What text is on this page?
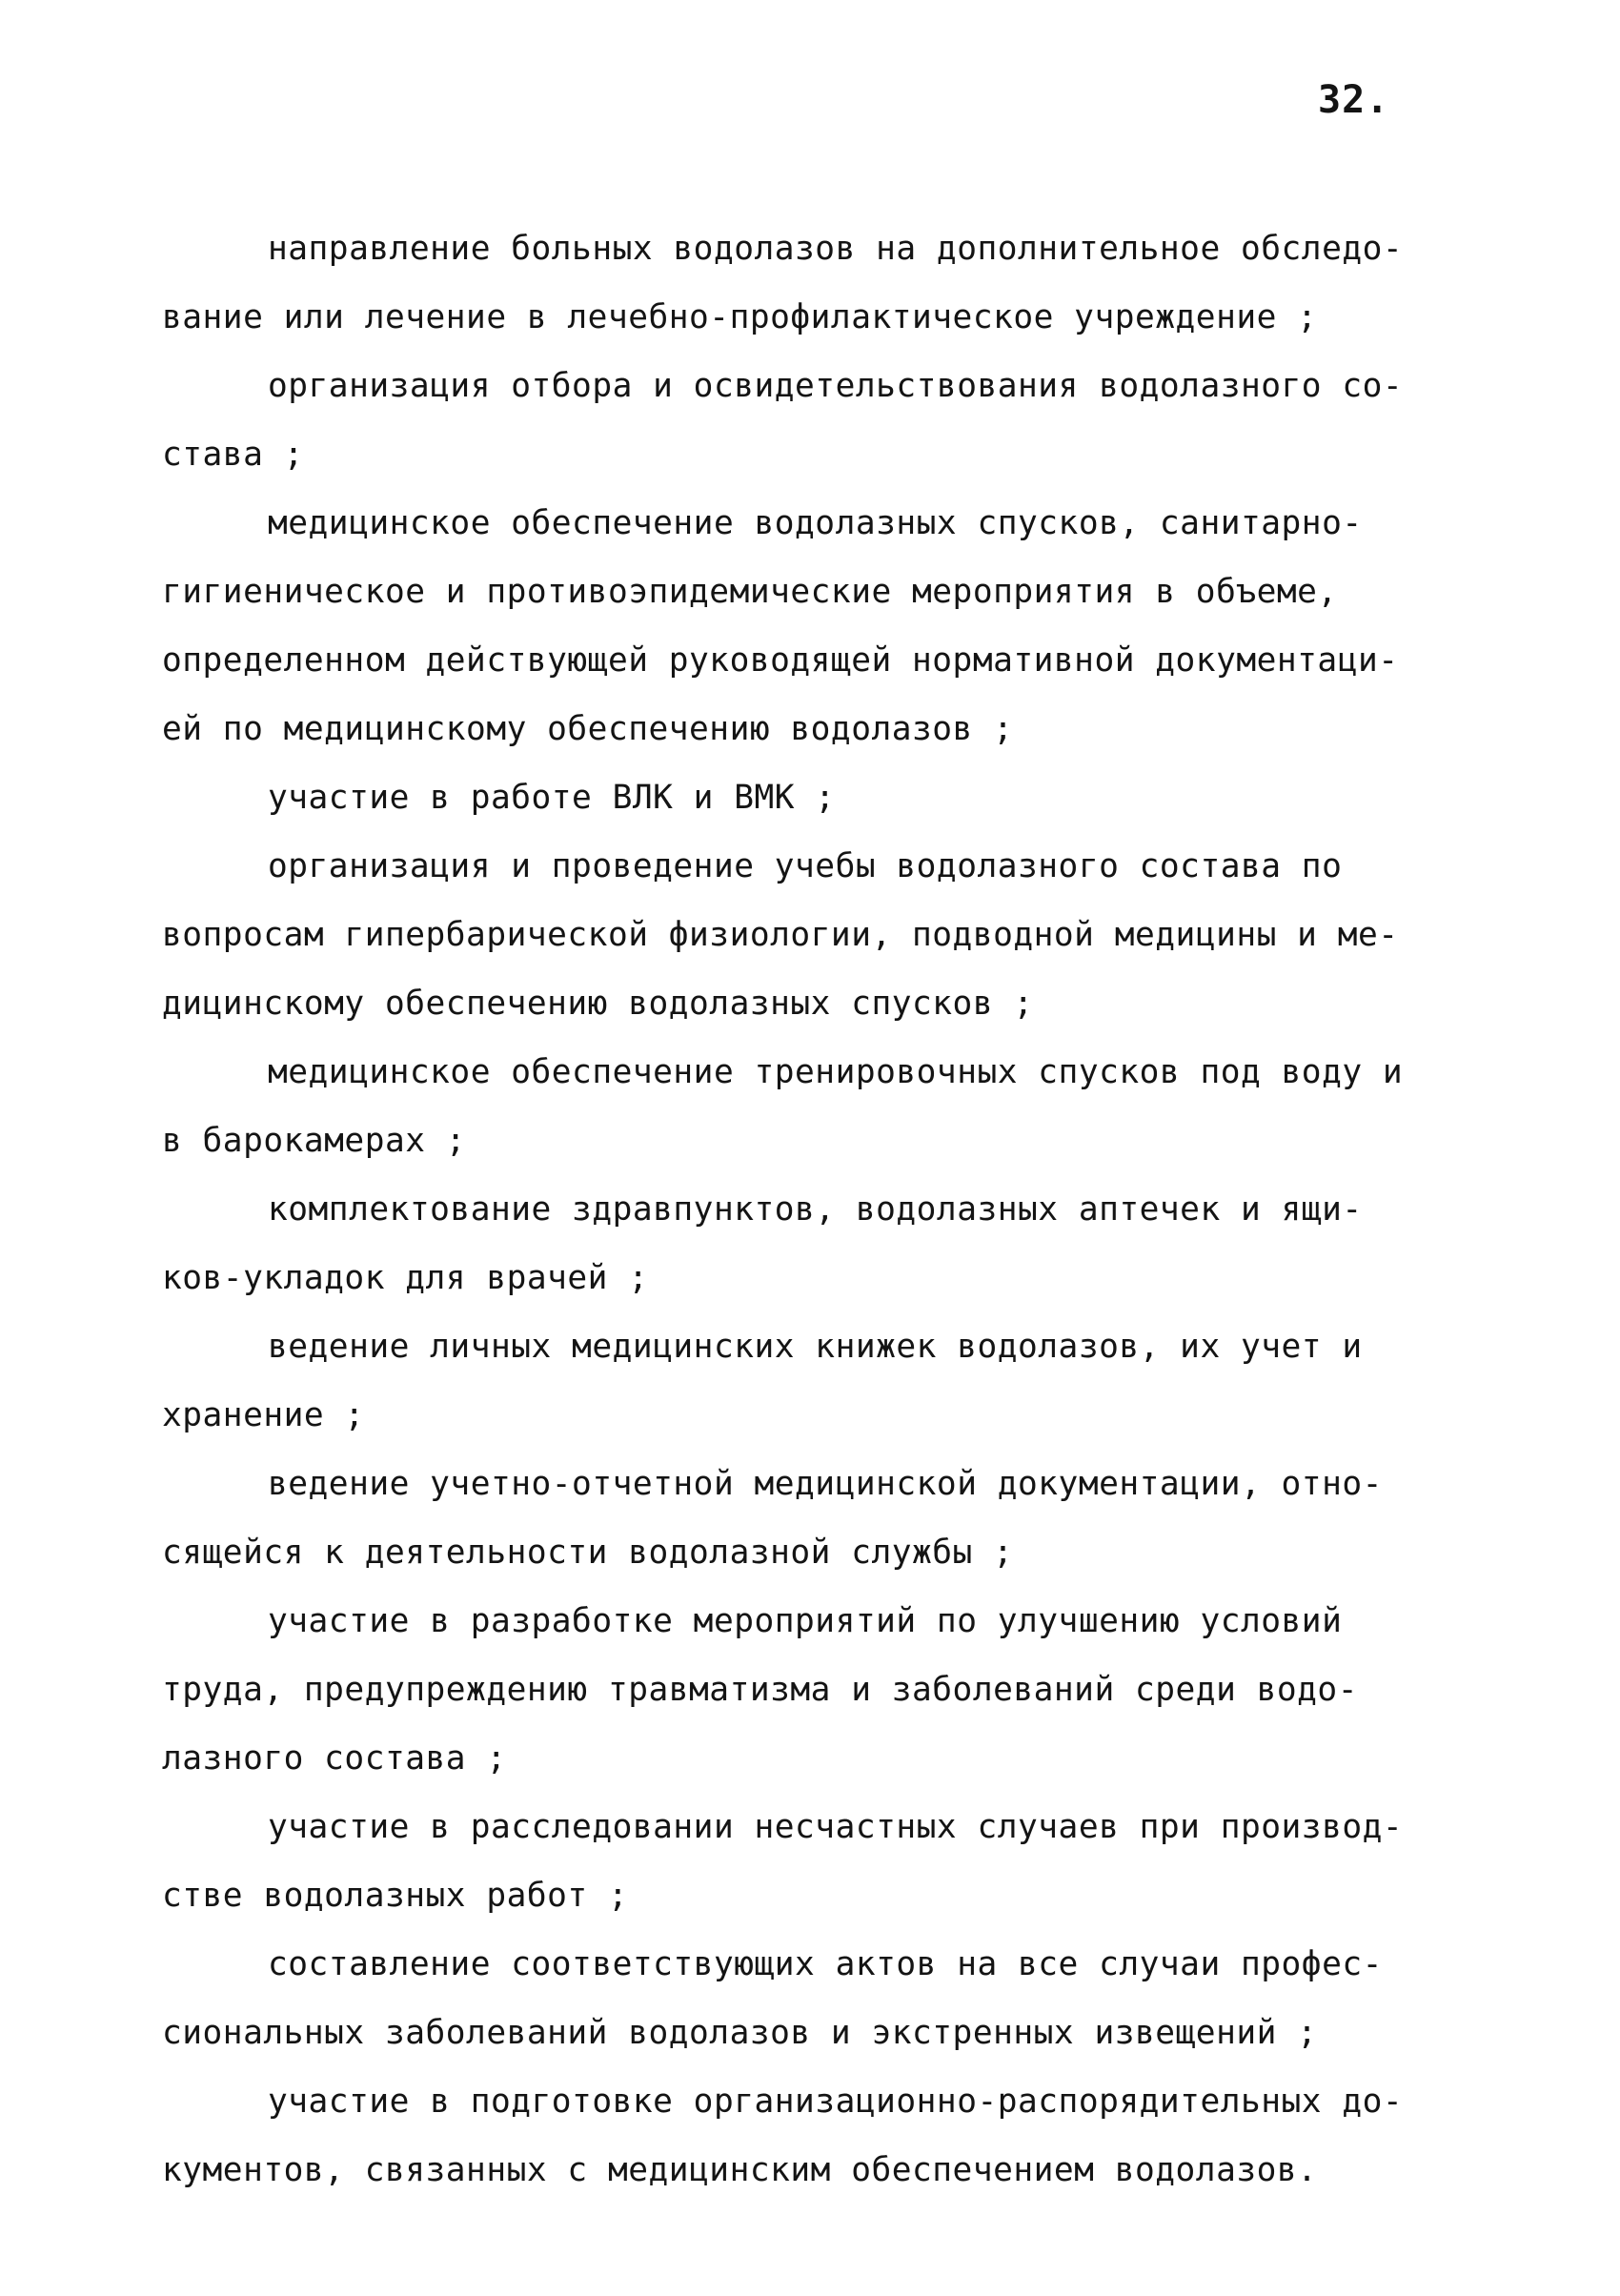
32.

направление больных водолазов на дополнительное обследо-
вание или лечение в лечебно-профилактическое учреждение ;

организация отбора и освидетельствования водолазного со-
става ;

медицинское обеспечение водолазных спусков, санитарно-
гигиеническое и противоэпидемические мероприятия в объеме,
определенном действующей руководящей нормативной документаци-
ей по медицинскому обеспечению водолазов ;

участие в работе ВЛК и ВМК ;

организация и проведение учебы водолазного состава по
вопросам гипербарической физиологии, подводной медицины и ме-
дицинскому обеспечению водолазных спусков ;

медицинское обеспечение тренировочных спусков под воду и
в барокамерах ;

комплектование здравпунктов, водолазных аптечек и ящи-
ков-укладок для врачей ;

ведение личных медицинских книжек водолазов, их учет и
хранение ;

ведение учетно-отчетной медицинской документации, отно-
сящейся к деятельности водолазной службы ;

участие в разработке мероприятий по улучшению условий
труда, предупреждению травматизма и заболеваний среди водо-
лазного состава ;

участие в расследовании несчастных случаев при производ-
стве водолазных работ ;

составление соответствующих актов на все случаи профес-
сиональных заболеваний водолазов и экстренных извещений ;

участие в подготовке организационно-распорядительных до-
кументов, связанных с медицинским обеспечением водолазов.
